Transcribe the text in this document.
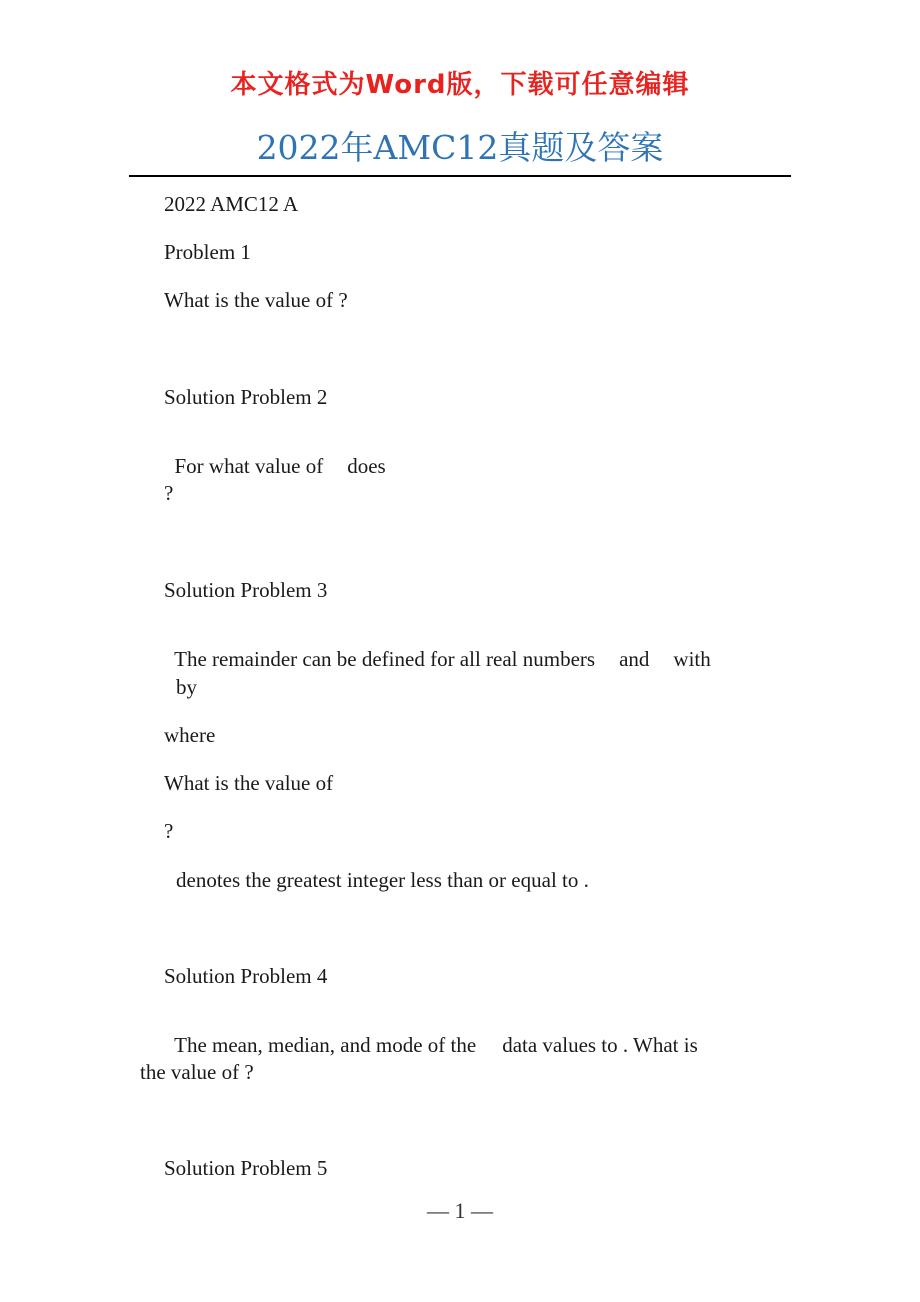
本文格式为Word版，下载可任意编辑
2022年AMC12真题及答案
2022 AMC12 A
Problem 1
What is the value of ?
Solution Problem 2

For what value of does

?
Solution Problem 3

The remainder can be defined for all real numbers and with

by
where
What is the value of
?
denotes the greatest integer less than or equal to .
Solution Problem 4

The mean, median, and mode of the data values to . What is

the value of ?
Solution Problem 5
— 1 —
